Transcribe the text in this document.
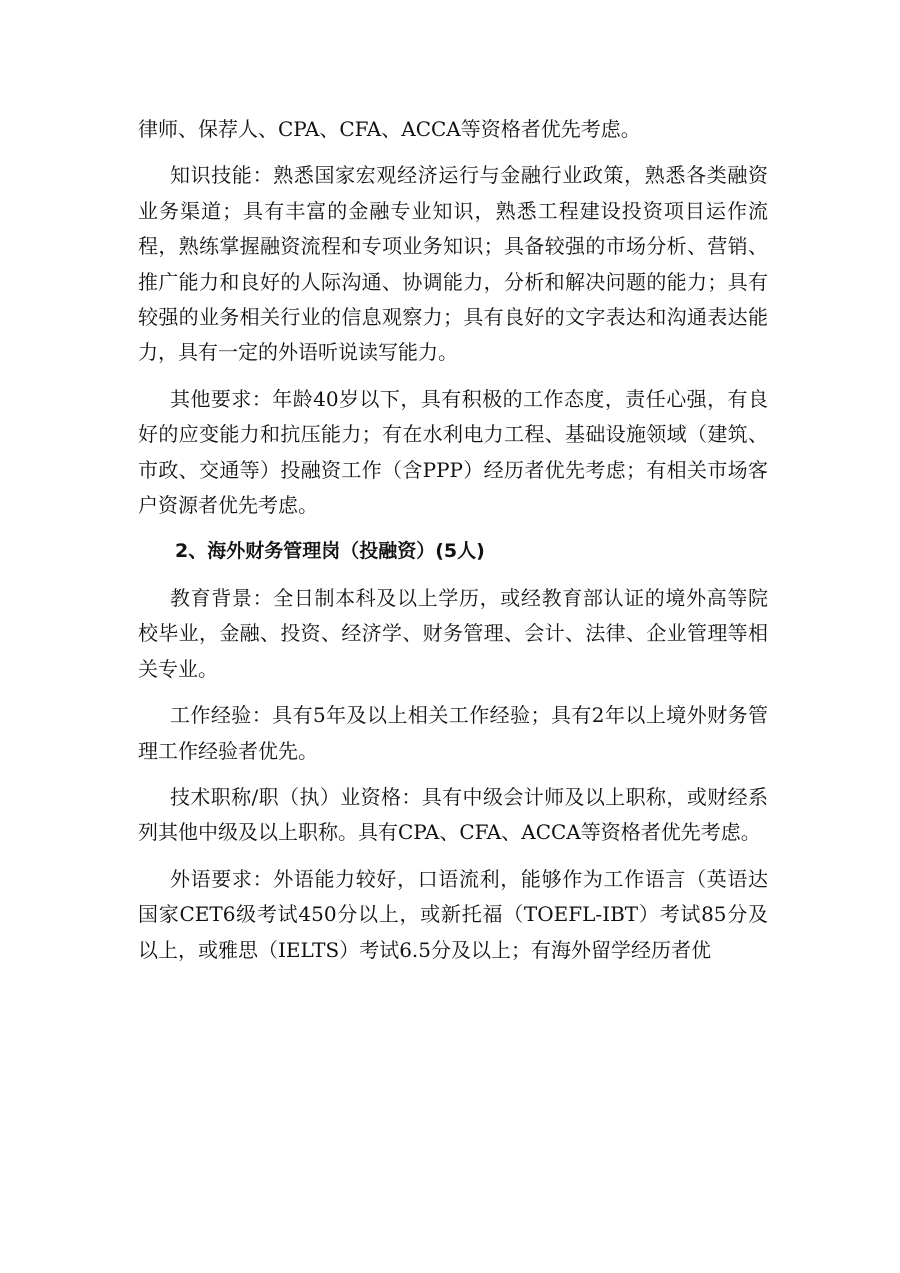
律师、保荐人、CPA、CFA、ACCA等资格者优先考虑。

知识技能：熟悉国家宏观经济运行与金融行业政策，熟悉各类融资业务渠道；具有丰富的金融专业知识，熟悉工程建设投资项目运作流程，熟练掌握融资流程和专项业务知识；具备较强的市场分析、营销、推广能力和良好的人际沟通、协调能力，分析和解决问题的能力；具有较强的业务相关行业的信息观察力；具有良好的文字表达和沟通表达能力，具有一定的外语听说读写能力。

其他要求：年龄40岁以下，具有积极的工作态度，责任心强，有良好的应变能力和抗压能力；有在水利电力工程、基础设施领域（建筑、市政、交通等）投融资工作（含PPP）经历者优先考虑；有相关市场客户资源者优先考虑。

2、海外财务管理岗（投融资）(5人)

教育背景：全日制本科及以上学历，或经教育部认证的境外高等院校毕业，金融、投资、经济学、财务管理、会计、法律、企业管理等相关专业。

工作经验：具有5年及以上相关工作经验；具有2年以上境外财务管理工作经验者优先。

技术职称/职（执）业资格：具有中级会计师及以上职称，或财经系列其他中级及以上职称。具有CPA、CFA、ACCA等资格者优先考虑。

外语要求：外语能力较好，口语流利，能够作为工作语言（英语达国家CET6级考试450分以上，或新托福（TOEFL-IBT）考试85分及以上，或雅思（IELTS）考试6.5分及以上；有海外留学经历者优
